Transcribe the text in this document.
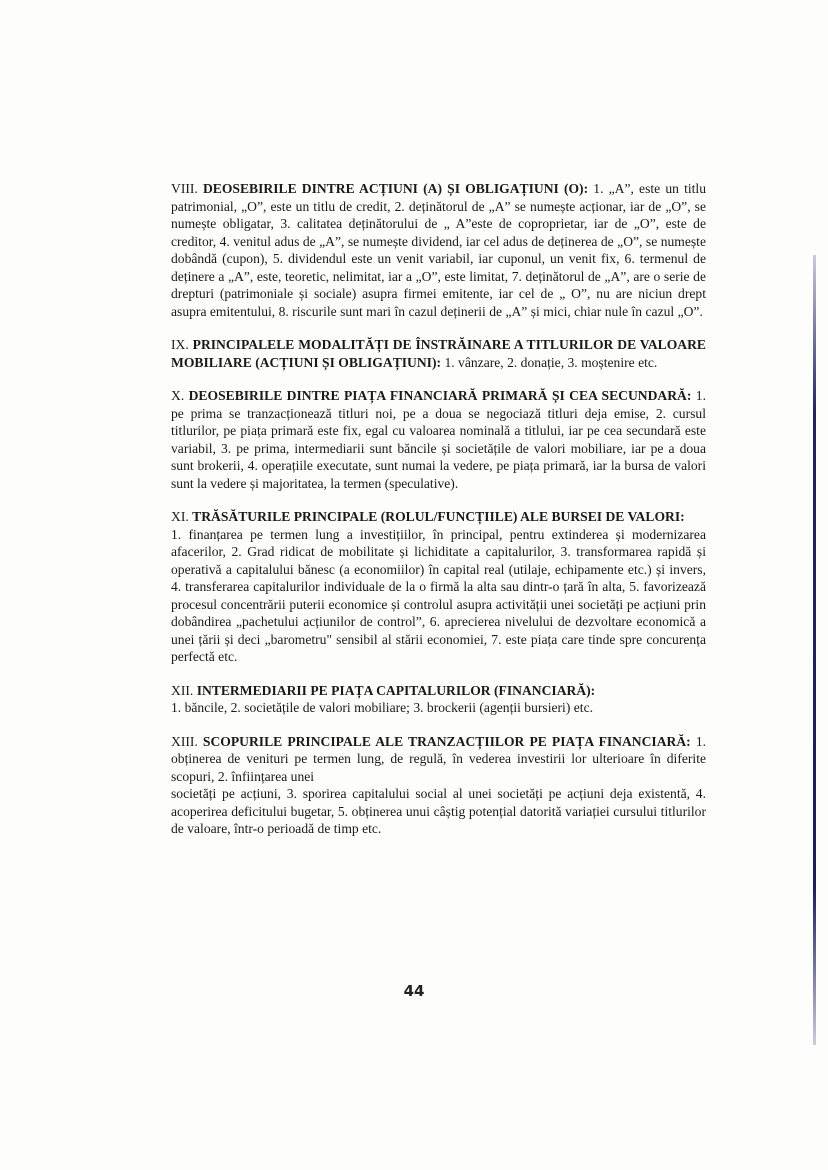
VIII. DEOSEBIRILE DINTRE ACȚIUNI (A) ȘI OBLIGAȚIUNI (O): 1. „A”, este un titlu patrimonial, „O”, este un titlu de credit, 2. deținătorul de „A” se numește acționar, iar de „O”, se numește obligatar, 3. calitatea deținătorului de „ A”este de coproprietar, iar de „O”, este de creditor, 4. venitul adus de „A”, se numește dividend, iar cel adus de deținerea de „O”, se numește dobândă (cupon), 5. dividendul este un venit variabil, iar cuponul, un venit fix, 6. termenul de deținere a „A”, este, teoretic, nelimitat, iar a „O”, este limitat, 7. deținătorul de „A”, are o serie de drepturi (patrimoniale și sociale) asupra firmei emitente, iar cel de „ O”, nu are niciun drept asupra emitentului, 8. riscurile sunt mari în cazul deținerii de „A” și mici, chiar nule în cazul „O”.

IX. PRINCIPALELE MODALITĂȚI DE ÎNSTRĂINARE A TITLURILOR DE VALOARE MOBILIARE (ACȚIUNI ȘI OBLIGAȚIUNI): 1. vânzare, 2. donație, 3. moștenire etc.

X. DEOSEBIRILE DINTRE PIAȚA FINANCIARĂ PRIMARĂ ȘI CEA SECUNDARĂ: 1. pe prima se tranzacționează titluri noi, pe a doua se negociază titluri deja emise, 2. cursul titlurilor, pe piața primară este fix, egal cu valoarea nominală a titlului, iar pe cea secundară este variabil, 3. pe prima, intermediarii sunt băncile și societățile de valori mobiliare, iar pe a doua sunt brokerii, 4. operațiile executate, sunt numai la vedere, pe piața primară, iar la bursa de valori sunt la vedere și majoritatea, la termen (speculative).

XI. TRĂSĂTURILE PRINCIPALE (ROLUL/FUNCȚIILE) ALE BURSEI DE VALORI:

1. finanțarea pe termen lung a investițiilor, în principal, pentru extinderea și modernizarea afacerilor, 2. Grad ridicat de mobilitate și lichiditate a capitalurilor, 3. transformarea rapidă și operativă a capitalului bănesc (a economiilor) în capital real (utilaje, echipamente etc.) și invers, 4. transferarea capitalurilor individuale de la o firmă la alta sau dintr-o țară în alta, 5. favorizează procesul concentrării puterii economice și controlul asupra activității unei societăți pe acțiuni prin dobândirea „pachetului acțiunilor de control”, 6. aprecierea nivelului de dezvoltare economică a unei țării și deci „barometru" sensibil al stării economiei, 7. este piața care tinde spre concurența perfectă etc.

XII. INTERMEDIARII PE PIAȚA CAPITALURILOR (FINANCIARĂ):

1. băncile, 2. societățile de valori mobiliare; 3. brockerii (agenții bursieri) etc.

XIII. SCOPURILE PRINCIPALE ALE TRANZACȚIILOR PE PIAȚA FINANCIARĂ: 1. obținerea de venituri pe termen lung, de regulă, în vederea investirii lor ulterioare în diferite scopuri, 2. înființarea unei

societăți pe acțiuni, 3. sporirea capitalului social al unei societăți pe acțiuni deja existentă, 4. acoperirea deficitului bugetar, 5. obținerea unui câștig potențial datorită variației cursului titlurilor de valoare, într-o perioadă de timp etc.

44
